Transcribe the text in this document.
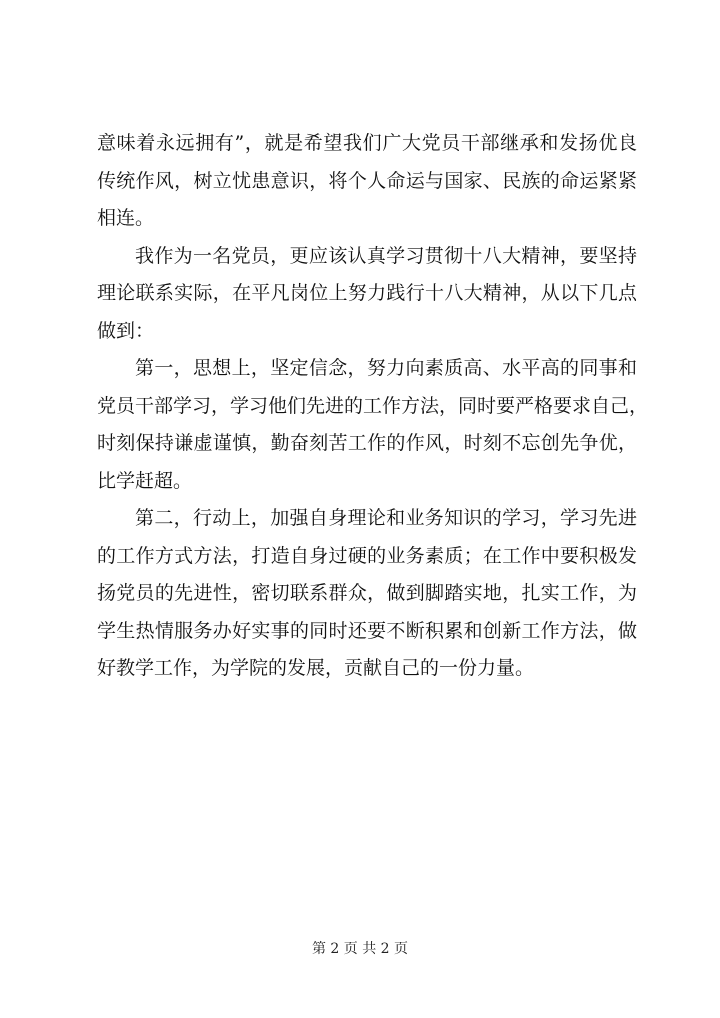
意味着永远拥有”，就是希望我们广大党员干部继承和发扬优良
传统作风，树立忧患意识，将个人命运与国家、民族的命运紧紧
相连。
我作为一名党员，更应该认真学习贯彻十八大精神，要坚持
理论联系实际，在平凡岗位上努力践行十八大精神，从以下几点
做到：
第一，思想上，坚定信念，努力向素质高、水平高的同事和
党员干部学习，学习他们先进的工作方法，同时要严格要求自己，
时刻保持谦虚谨慎，勤奋刻苦工作的作风，时刻不忘创先争优，
比学赶超。
第二，行动上，加强自身理论和业务知识的学习，学习先进
的工作方式方法，打造自身过硬的业务素质；在工作中要积极发
扬党员的先进性，密切联系群众，做到脚踏实地，扎实工作，为
学生热情服务办好实事的同时还要不断积累和创新工作方法，做
好教学工作，为学院的发展，贡献自己的一份力量。
第 2 页 共 2 页
